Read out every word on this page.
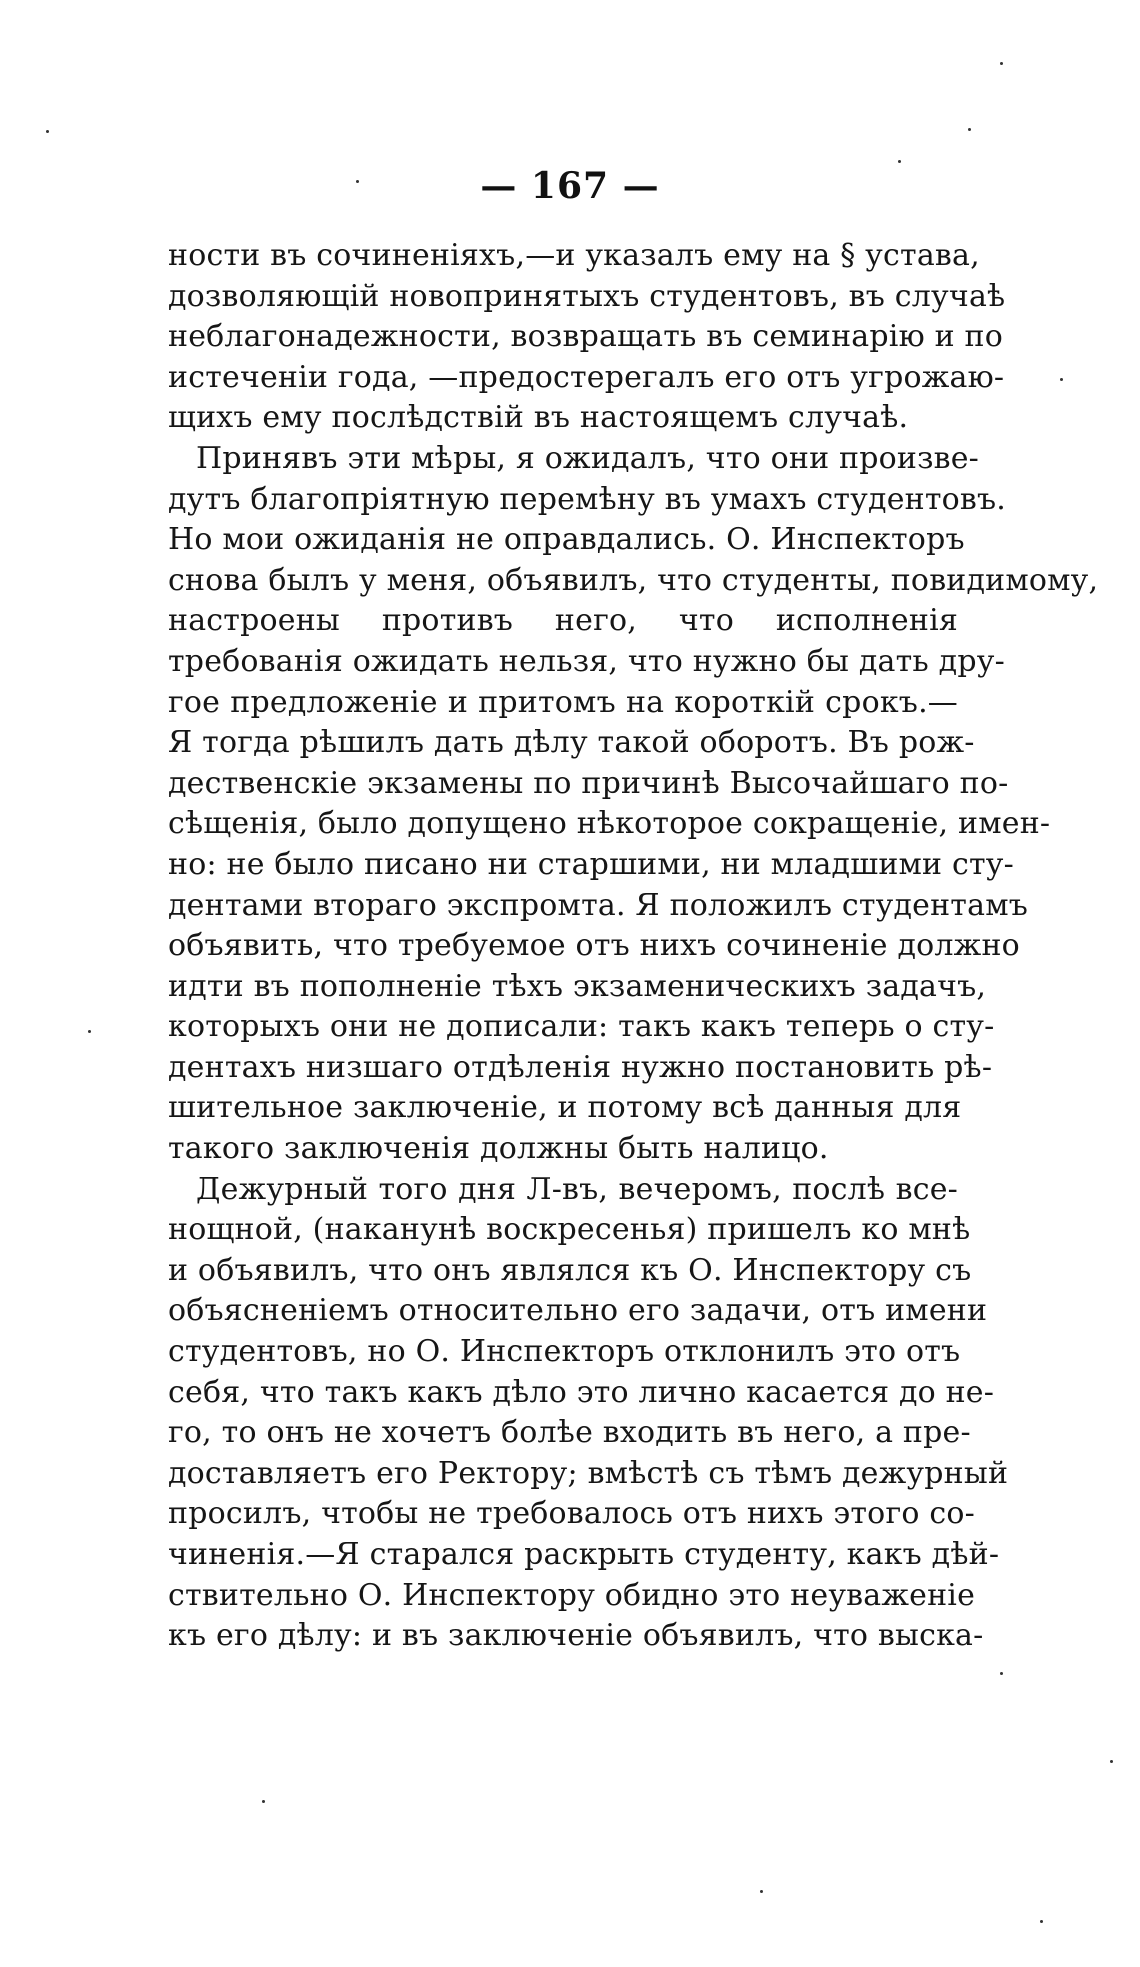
— 167 —
ности въ сочиненіяхъ,—и указалъ ему на § устава,
дозволяющій новопринятыхъ студентовъ, въ случаѣ
неблагонадежности, возвращать въ семинарію и по
истеченіи года, —предостерегалъ его отъ угрожаю-
щихъ ему послѣдствій въ настоящемъ случаѣ.
Принявъ эти мѣры, я ожидалъ, что они произве-
дутъ благопріятную перемѣну въ умахъ студентовъ.
Но мои ожиданія не оправдались. О. Инспекторъ
снова былъ у меня, объявилъ, что студенты, повидимому,
настроены противъ него, что исполненія
требованія ожидать нельзя, что нужно бы дать дру-
гое предложеніе и притомъ на короткій срокъ.—
Я тогда рѣшилъ дать дѣлу такой оборотъ. Въ рож-
дественскіе экзамены по причинѣ Высочайшаго по-
сѣщенія, было допущено нѣкоторое сокращеніе, имен-
но: не было писано ни старшими, ни младшими сту-
дентами втораго экспромта. Я положилъ студентамъ
объявить, что требуемое отъ нихъ сочиненіе должно
идти въ пополненіе тѣхъ экзаменическихъ задачъ,
которыхъ они не дописали: такъ какъ теперь о сту-
дентахъ низшаго отдѣленія нужно постановить рѣ-
шительное заключеніе, и потому всѣ данныя для
такого заключенія должны быть налицо.
Дежурный того дня Л-въ, вечеромъ, послѣ все-
нощной, (наканунѣ воскресенья) пришелъ ко мнѣ
и объявилъ, что онъ являлся къ О. Инспектору съ
объясненіемъ относительно его задачи, отъ имени
студентовъ, но О. Инспекторъ отклонилъ это отъ
себя, что такъ какъ дѣло это лично касается до не-
го, то онъ не хочетъ болѣе входить въ него, а пре-
доставляетъ его Ректору; вмѣстѣ съ тѣмъ дежурный
просилъ, чтобы не требовалось отъ нихъ этого со-
чиненія.—Я старался раскрыть студенту, какъ дѣй-
ствительно О. Инспектору обидно это неуваженіе
къ его дѣлу: и въ заключеніе объявилъ, что выска-
